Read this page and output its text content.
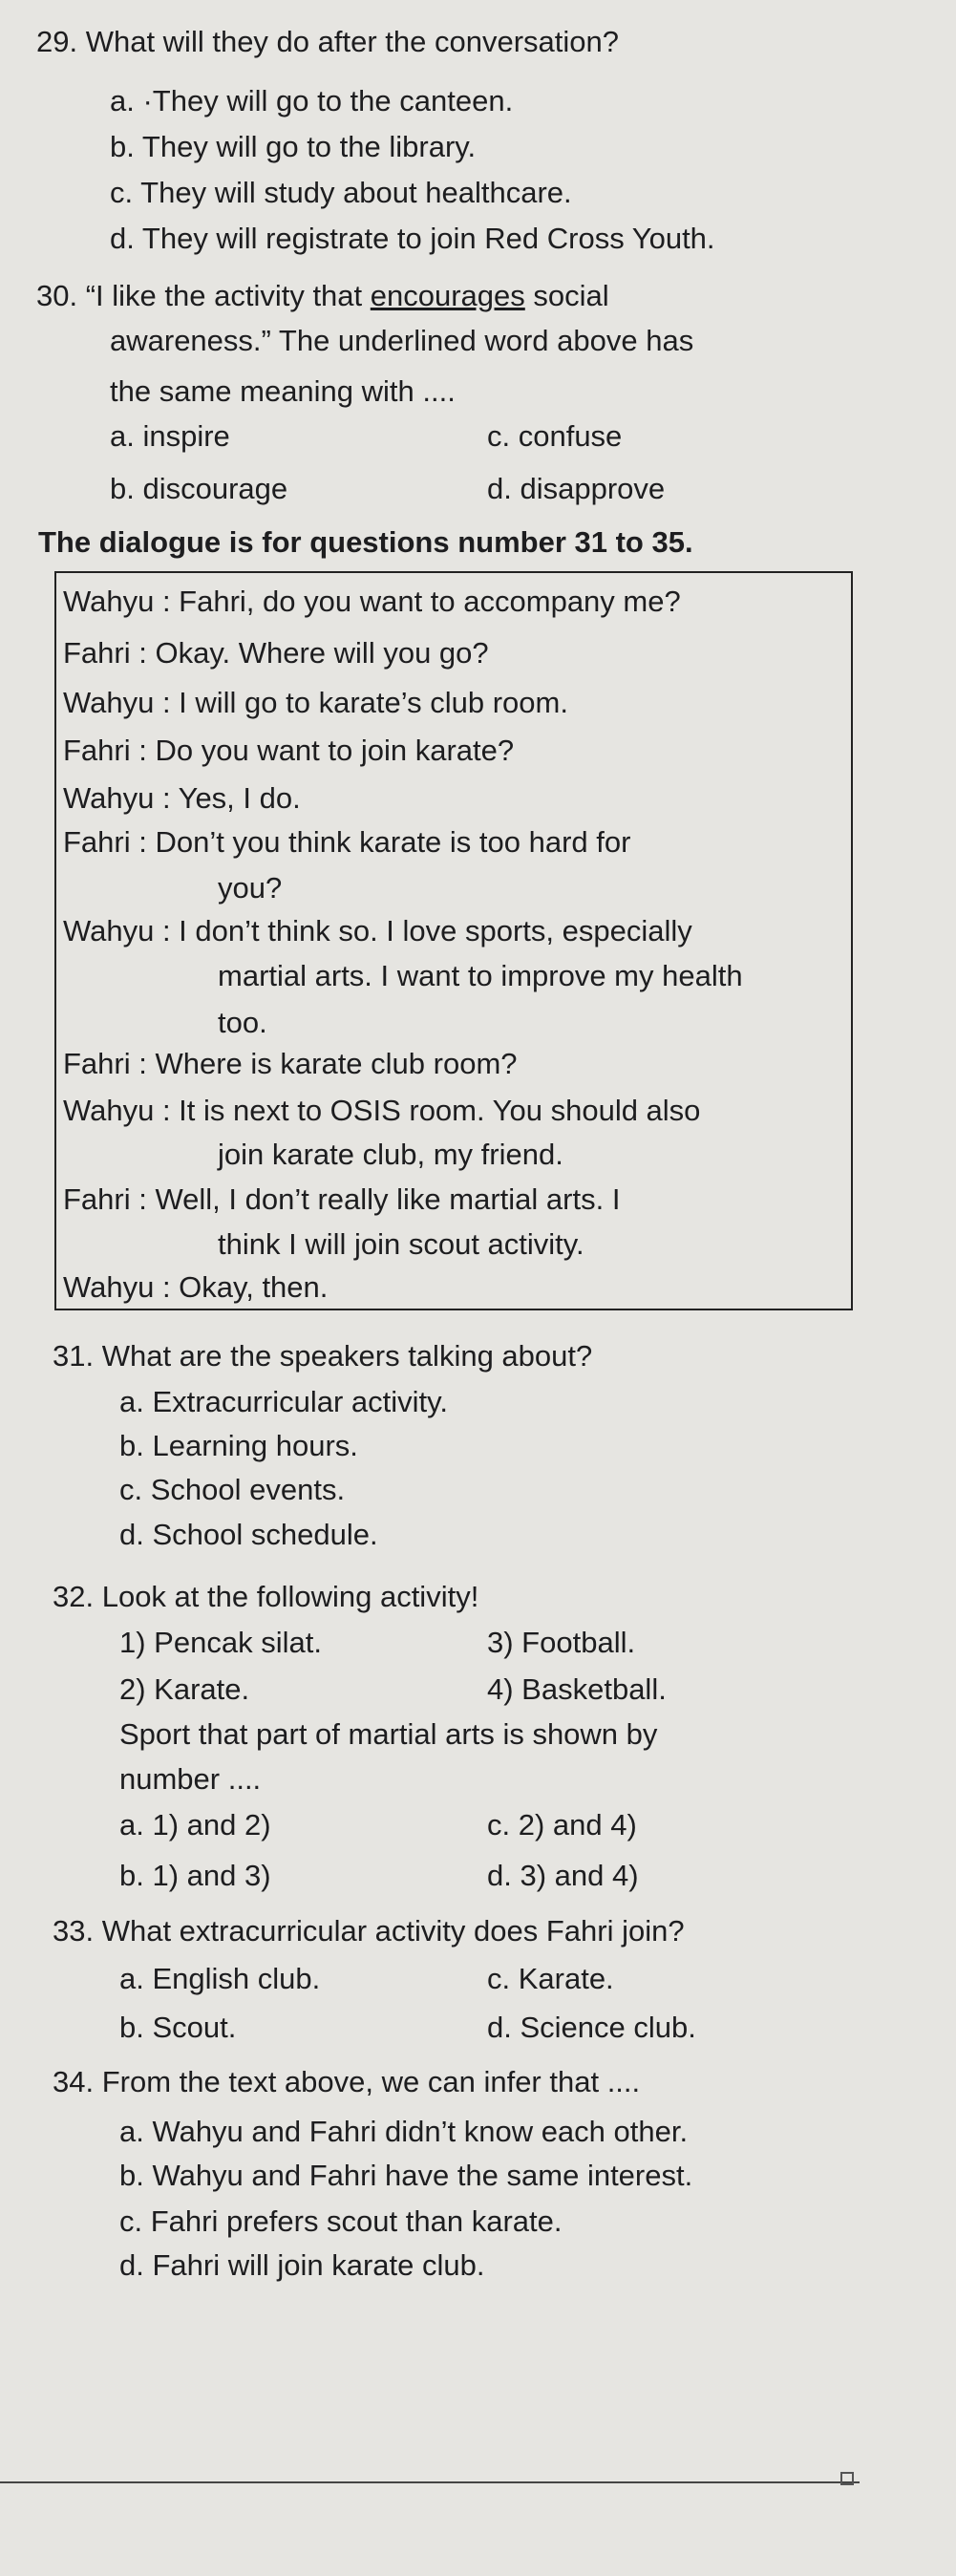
29. What will they do after the conversation?
a. ·They will go to the canteen.
b. They will go to the library.
c. They will study about healthcare.
d. They will registrate to join Red Cross Youth.
30. “I like the activity that encourages social
awareness.” The underlined word above has
the same meaning with ....
a. inspire	c. confuse
b. discourage	d. disapprove
The dialogue is for questions number 31 to 35.
Wahyu : Fahri, do you want to accompany me?
Fahri : Okay. Where will you go?
Wahyu : I will go to karate’s club room.
Fahri : Do you want to join karate?
Wahyu : Yes, I do.
Fahri : Don’t you think karate is too hard for
you?
Wahyu : I don’t think so. I love sports, especially
martial arts. I want to improve my health
too.
Fahri : Where is karate club room?
Wahyu : It is next to OSIS room. You should also
join karate club, my friend.
Fahri : Well, I don’t really like martial arts. I
think I will join scout activity.
Wahyu : Okay, then.
31. What are the speakers talking about?
a. Extracurricular activity.
b. Learning hours.
c. School events.
d. School schedule.
32. Look at the following activity!
1) Pencak silat.	3) Football.
2) Karate.	4) Basketball.
Sport that part of martial arts is shown by
number ....
a. 1) and 2)	c. 2) and 4)
b. 1) and 3)	d. 3) and 4)
33. What extracurricular activity does Fahri join?
a. English club.	c. Karate.
b. Scout.	d. Science club.
34. From the text above, we can infer that ....
a. Wahyu and Fahri didn’t know each other.
b. Wahyu and Fahri have the same interest.
c. Fahri prefers scout than karate.
d. Fahri will join karate club.
